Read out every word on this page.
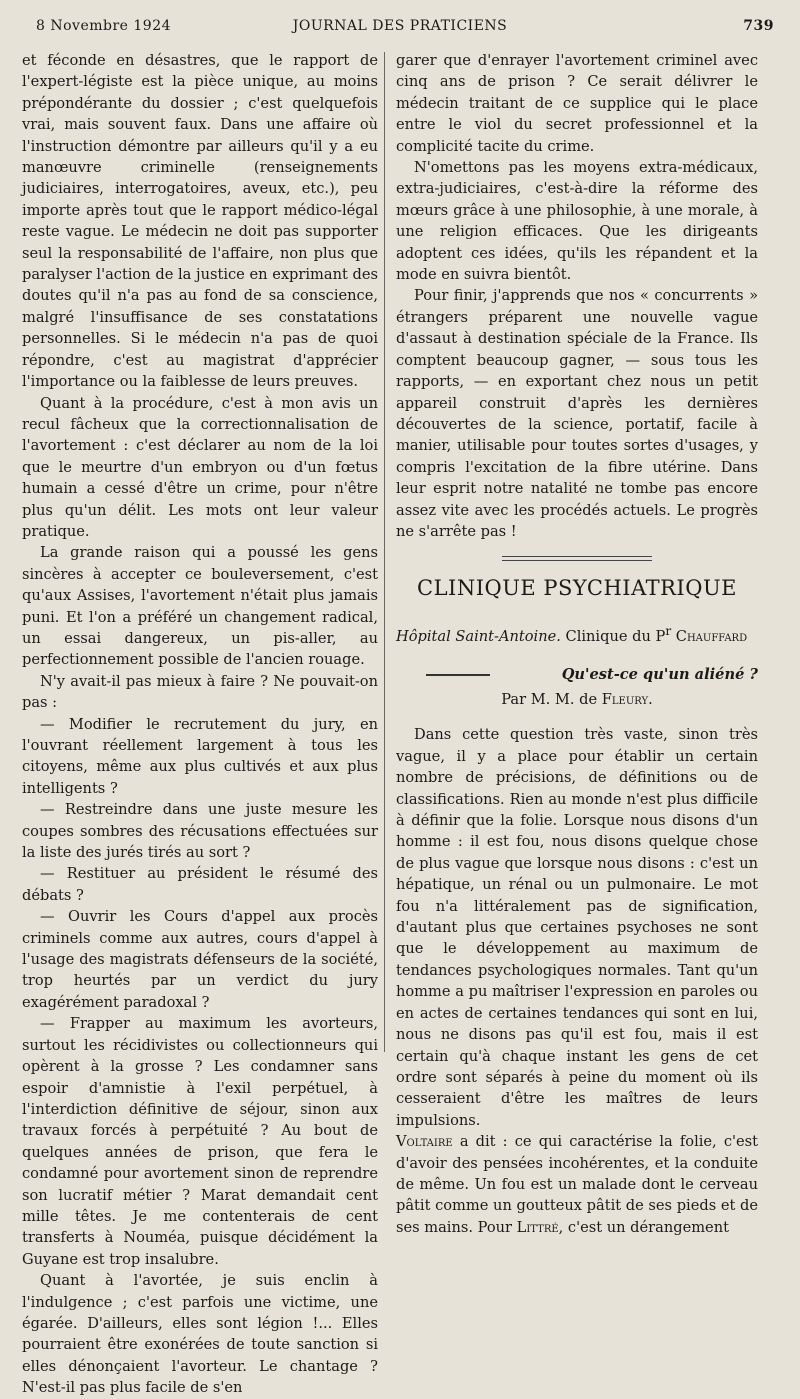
8 Novembre 1924	JOURNAL DES PRATICIENS	739

et féconde en désastres, que le rapport de l'expert-légiste est la pièce unique, au moins prépondérante du dossier ; c'est quelquefois vrai, mais souvent faux. Dans une affaire où l'instruction démontre par ailleurs qu'il y a eu manœuvre criminelle (renseignements judiciaires, interrogatoires, aveux, etc.), peu importe après tout que le rapport médico-légal reste vague. Le médecin ne doit pas supporter seul la responsabilité de l'affaire, non plus que paralyser l'action de la justice en exprimant des doutes qu'il n'a pas au fond de sa conscience, malgré l'insuffisance de ses constatations personnelles. Si le médecin n'a pas de quoi répondre, c'est au magistrat d'apprécier l'importance ou la faiblesse de leurs preuves.

Quant à la procédure, c'est à mon avis un recul fâcheux que la correctionnalisation de l'avortement : c'est déclarer au nom de la loi que le meurtre d'un embryon ou d'un fœtus humain a cessé d'être un crime, pour n'être plus qu'un délit. Les mots ont leur valeur pratique.

La grande raison qui a poussé les gens sincères à accepter ce bouleversement, c'est qu'aux Assises, l'avortement n'était plus jamais puni. Et l'on a préféré un changement radical, un essai dangereux, un pis-aller, au perfectionnement possible de l'ancien rouage.

N'y avait-il pas mieux à faire ? Ne pouvait-on pas :

— Modifier le recrutement du jury, en l'ouvrant réellement largement à tous les citoyens, même aux plus cultivés et aux plus intelligents ?

— Restreindre dans une juste mesure les coupes sombres des récusations effectuées sur la liste des jurés tirés au sort ?

— Restituer au président le résumé des débats ?

— Ouvrir les Cours d'appel aux procès criminels comme aux autres, cours d'appel à l'usage des magistrats défenseurs de la société, trop heurtés par un verdict du jury exagérément paradoxal ?

— Frapper au maximum les avorteurs, surtout les récidivistes ou collectionneurs qui opèrent à la grosse ? Les condamner sans espoir d'amnistie à l'exil perpétuel, à l'interdiction définitive de séjour, sinon aux travaux forcés à perpétuité ? Au bout de quelques années de prison, que fera le condamné pour avortement sinon de reprendre son lucratif métier ? Marat demandait cent mille têtes. Je me contenterais de cent transferts à Nouméa, puisque décidément la Guyane est trop insalubre.

Quant à l'avortée, je suis enclin à l'indulgence ; c'est parfois une victime, une égarée. D'ailleurs, elles sont légion !... Elles pourraient être exonérées de toute sanction si elles dénonçaient l'avorteur. Le chantage ? N'est-il pas plus facile de s'en

garer que d'enrayer l'avortement criminel avec cinq ans de prison ? Ce serait délivrer le médecin traitant de ce supplice qui le place entre le viol du secret professionnel et la complicité tacite du crime.

N'omettons pas les moyens extra-médicaux, extra-judiciaires, c'est-à-dire la réforme des mœurs grâce à une philosophie, à une morale, à une religion efficaces. Que les dirigeants adoptent ces idées, qu'ils les répandent et la mode en suivra bientôt.

Pour finir, j'apprends que nos « concurrents » étrangers préparent une nouvelle vague d'assaut à destination spéciale de la France. Ils comptent beaucoup gagner, — sous tous les rapports, — en exportant chez nous un petit appareil construit d'après les dernières découvertes de la science, portatif, facile à manier, utilisable pour toutes sortes d'usages, y compris l'excitation de la fibre utérine. Dans leur esprit notre natalité ne tombe pas encore assez vite avec les procédés actuels. Le progrès ne s'arrête pas !

CLINIQUE PSYCHIATRIQUE

Hôpital Saint-Antoine. Clinique du $P^r$ Chauffard

Qu'est-ce qu'un aliéné ?
Par M. M. de Fleury.

Dans cette question très vaste, sinon très vague, il y a place pour établir un certain nombre de précisions, de définitions ou de classifications. Rien au monde n'est plus difficile à définir que la folie. Lorsque nous disons d'un homme : il est fou, nous disons quelque chose de plus vague que lorsque nous disons : c'est un hépatique, un rénal ou un pulmonaire. Le mot fou n'a littéralement pas de signification, d'autant plus que certaines psychoses ne sont que le développement au maximum de tendances psychologiques normales. Tant qu'un homme a pu maîtriser l'expression en paroles ou en actes de certaines tendances qui sont en lui, nous ne disons pas qu'il est fou, mais il est certain qu'à chaque instant les gens de cet ordre sont séparés à peine du moment où ils cesseraient d'être les maîtres de leurs impulsions.

Voltaire a dit : ce qui caractérise la folie, c'est d'avoir des pensées incohérentes, et la conduite de même. Un fou est un malade dont le cerveau pâtit comme un goutteux pâtit de ses pieds et de ses mains. Pour Littré, c'est un dérangement
